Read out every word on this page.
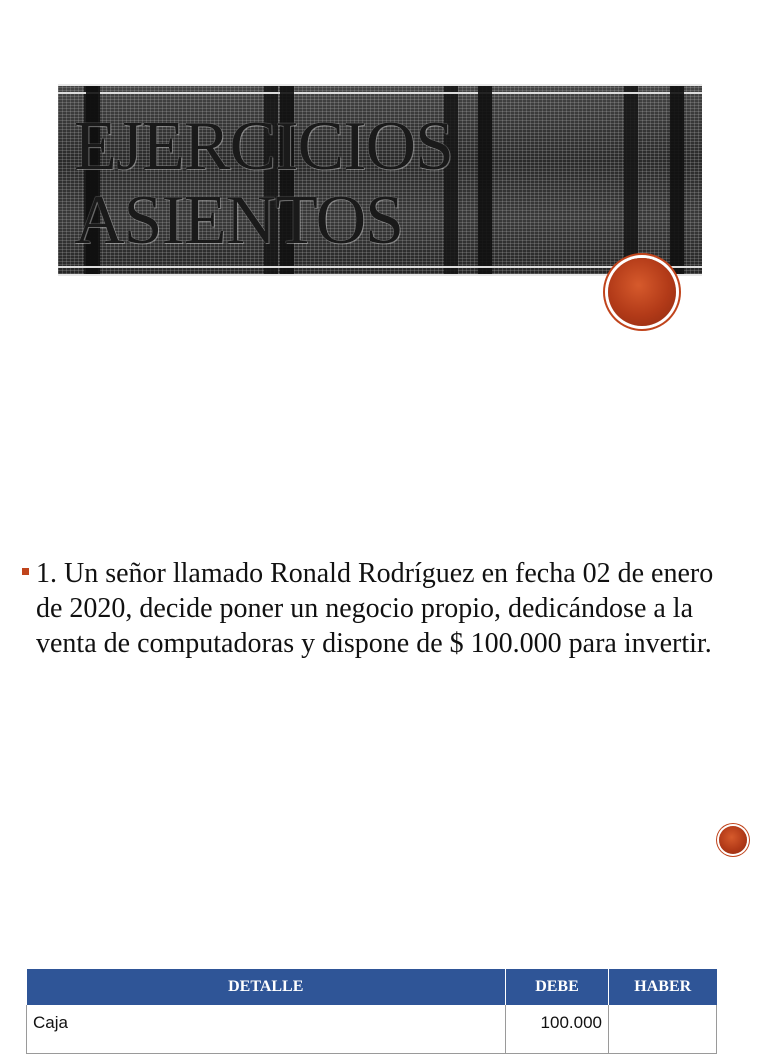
EJERCICIOS
ASIENTOS

1. Un señor llamado Ronald Rodríguez en fecha 02 de enero de 2020, decide poner un negocio propio, dedicándose a la venta de computadoras y dispone de $ 100.000 para invertir.

DETALLE	DEBE	HABER
Caja	100.000	
